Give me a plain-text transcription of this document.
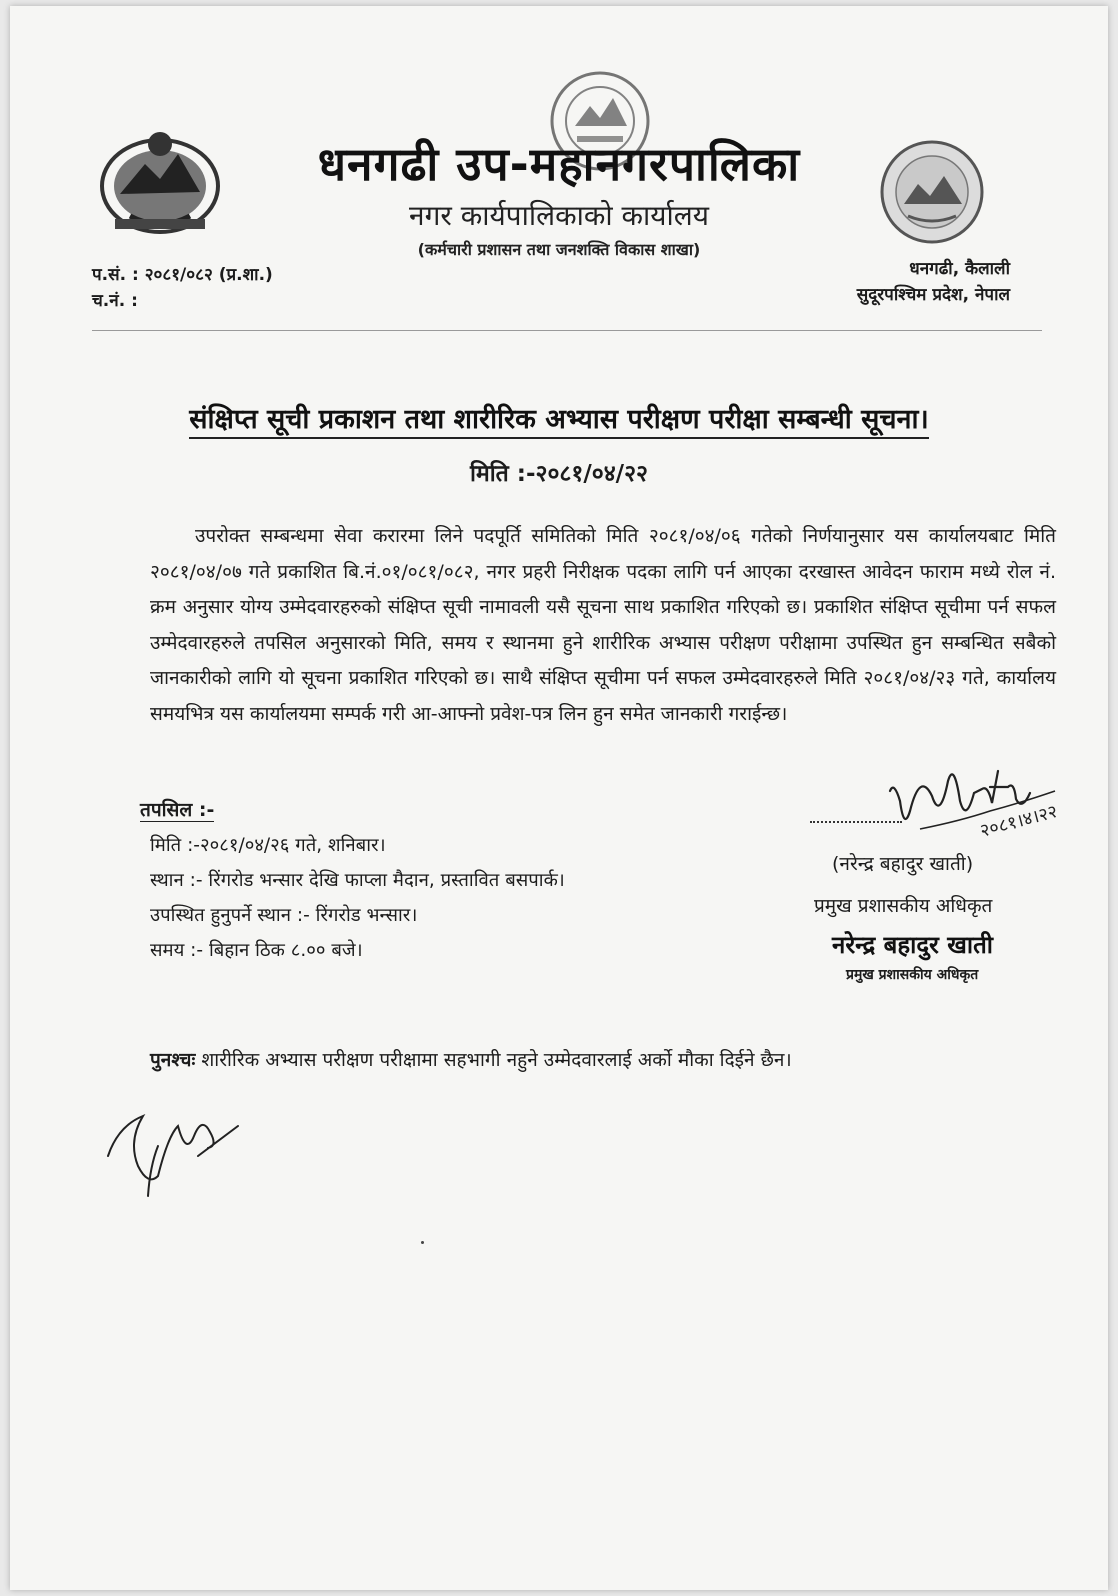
धनगढी उप-महानगरपालिका
नगर कार्यपालिकाको कार्यालय
(कर्मचारी प्रशासन तथा जनशक्ति विकास शाखा)
प.सं. : २०८१/०८२ (प्र.शा.)
च.नं. :
धनगढी, कैलाली
सुदूरपश्चिम प्रदेश, नेपाल
संक्षिप्त सूची प्रकाशन तथा शारीरिक अभ्यास परीक्षण परीक्षा सम्बन्धी सूचना।
मिति :-२०८१/०४/२२
उपरोक्त सम्बन्धमा सेवा करारमा लिने पदपूर्ति समितिको मिति २०८१/०४/०६ गतेको निर्णयानुसार यस कार्यालयबाट मिति २०८१/०४/०७ गते प्रकाशित बि.नं.०१/०८१/०८२, नगर प्रहरी निरीक्षक पदका लागि पर्न आएका दरखास्त आवेदन फाराम मध्ये रोल नं. क्रम अनुसार योग्य उम्मेदवारहरुको संक्षिप्त सूची नामावली यसै सूचना साथ प्रकाशित गरिएको छ। प्रकाशित संक्षिप्त सूचीमा पर्न सफल उम्मेदवारहरुले तपसिल अनुसारको मिति, समय र स्थानमा हुने शारीरिक अभ्यास परीक्षण परीक्षामा उपस्थित हुन सम्बन्धित सबैको जानकारीको लागि यो सूचना प्रकाशित गरिएको छ। साथै संक्षिप्त सूचीमा पर्न सफल उम्मेदवारहरुले मिति २०८१/०४/२३ गते, कार्यालय समयभित्र यस कार्यालयमा सम्पर्क गरी आ-आफ्नो प्रवेश-पत्र लिन हुन समेत जानकारी गराईन्छ।
तपसिल :-
मिति :-२०८१/०४/२६ गते, शनिबार।
स्थान :- रिंगरोड भन्सार देखि फाप्ला मैदान, प्रस्तावित बसपार्क।
उपस्थित हुनुपर्ने स्थान :- रिंगरोड भन्सार।
समय :- बिहान ठिक ८.०० बजे।
२०८१।४।२२
(नरेन्द्र बहादुर खाती)
प्रमुख प्रशासकीय अधिकृत
नरेन्द्र बहादुर खाती
प्रमुख प्रशासकीय अधिकृत
पुनश्चः शारीरिक अभ्यास परीक्षण परीक्षामा सहभागी नहुने उम्मेदवारलाई अर्को मौका दिईने छैन।
